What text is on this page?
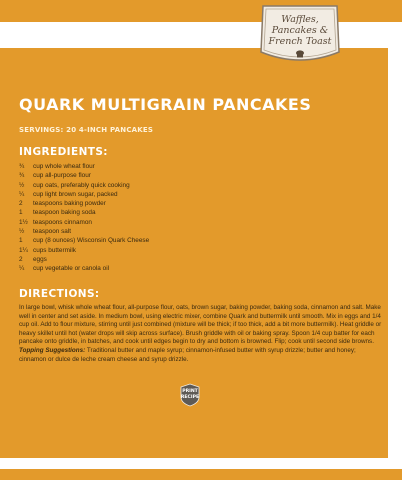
Waffles,
Pancakes &
French Toast
QUARK MULTIGRAIN PANCAKES
SERVINGS: 20 4-INCH PANCAKES
INGREDIENTS:
¾	cup whole wheat flour
¾	cup all-purpose flour
½	cup oats, preferably quick cooking
¼	cup light brown sugar, packed
2	teaspoons baking powder
1	teaspoon baking soda
1½ teaspoons cinnamon
½	teaspoon salt
1	cup (8 ounces) Wisconsin Quark Cheese
1¼ cups buttermilk
2	eggs
¼	cup vegetable or canola oil
DIRECTIONS:
In large bowl, whisk whole wheat flour, all-purpose flour, oats, brown sugar, baking powder, baking soda, cinnamon and salt. Make well in center and set aside. In medium bowl, using electric mixer, combine Quark and buttermilk until smooth. Mix in eggs and 1/4 cup oil. Add to flour mixture, stirring until just combined (mixture will be thick; if too thick, add a bit more buttermilk). Heat griddle or heavy skillet until hot (water drops will skip across surface). Brush griddle with oil or baking spray. Spoon 1/4 cup batter for each pancake onto griddle, in batches, and cook until edges begin to dry and bottom is browned. Flip; cook until second side browns.
Topping Suggestions: Traditional butter and maple syrup; cinnamon-infused butter with syrup drizzle; butter and honey; cinnamon or dulce de leche cream cheese and syrup drizzle.
PRINT
RECIPE
